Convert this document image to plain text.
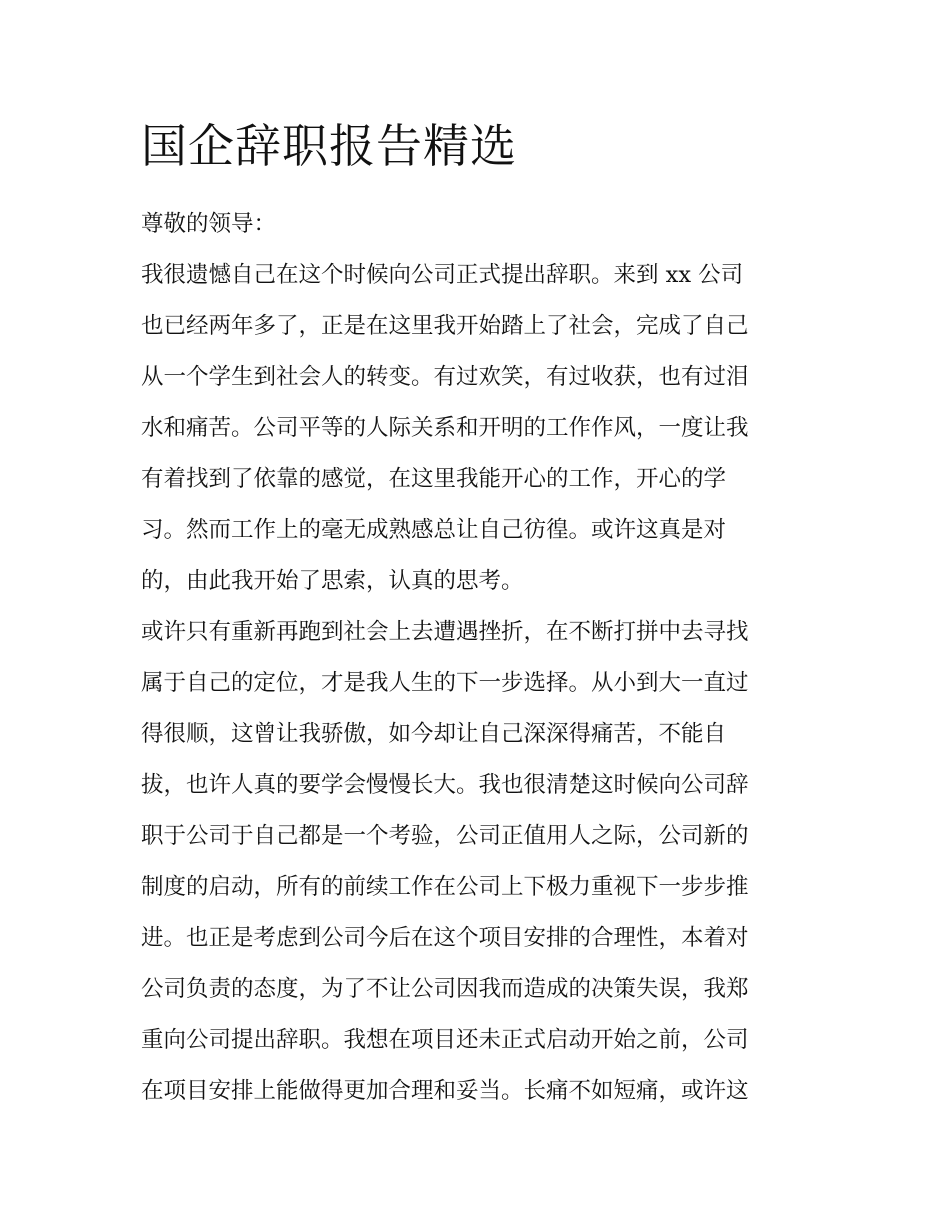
国企辞职报告精选
尊敬的领导：
我很遗憾自己在这个时候向公司正式提出辞职。来到 xx 公司
也已经两年多了，正是在这里我开始踏上了社会，完成了自己
从一个学生到社会人的转变。有过欢笑，有过收获，也有过泪
水和痛苦。公司平等的人际关系和开明的工作作风，一度让我
有着找到了依靠的感觉，在这里我能开心的工作，开心的学
习。然而工作上的毫无成熟感总让自己彷徨。或许这真是对
的，由此我开始了思索，认真的思考。
或许只有重新再跑到社会上去遭遇挫折，在不断打拼中去寻找
属于自己的定位，才是我人生的下一步选择。从小到大一直过
得很顺，这曾让我骄傲，如今却让自己深深得痛苦，不能自
拔，也许人真的要学会慢慢长大。我也很清楚这时候向公司辞
职于公司于自己都是一个考验，公司正值用人之际，公司新的
制度的启动，所有的前续工作在公司上下极力重视下一步步推
进。也正是考虑到公司今后在这个项目安排的合理性，本着对
公司负责的态度，为了不让公司因我而造成的决策失误，我郑
重向公司提出辞职。我想在项目还未正式启动开始之前，公司
在项目安排上能做得更加合理和妥当。长痛不如短痛，或许这
